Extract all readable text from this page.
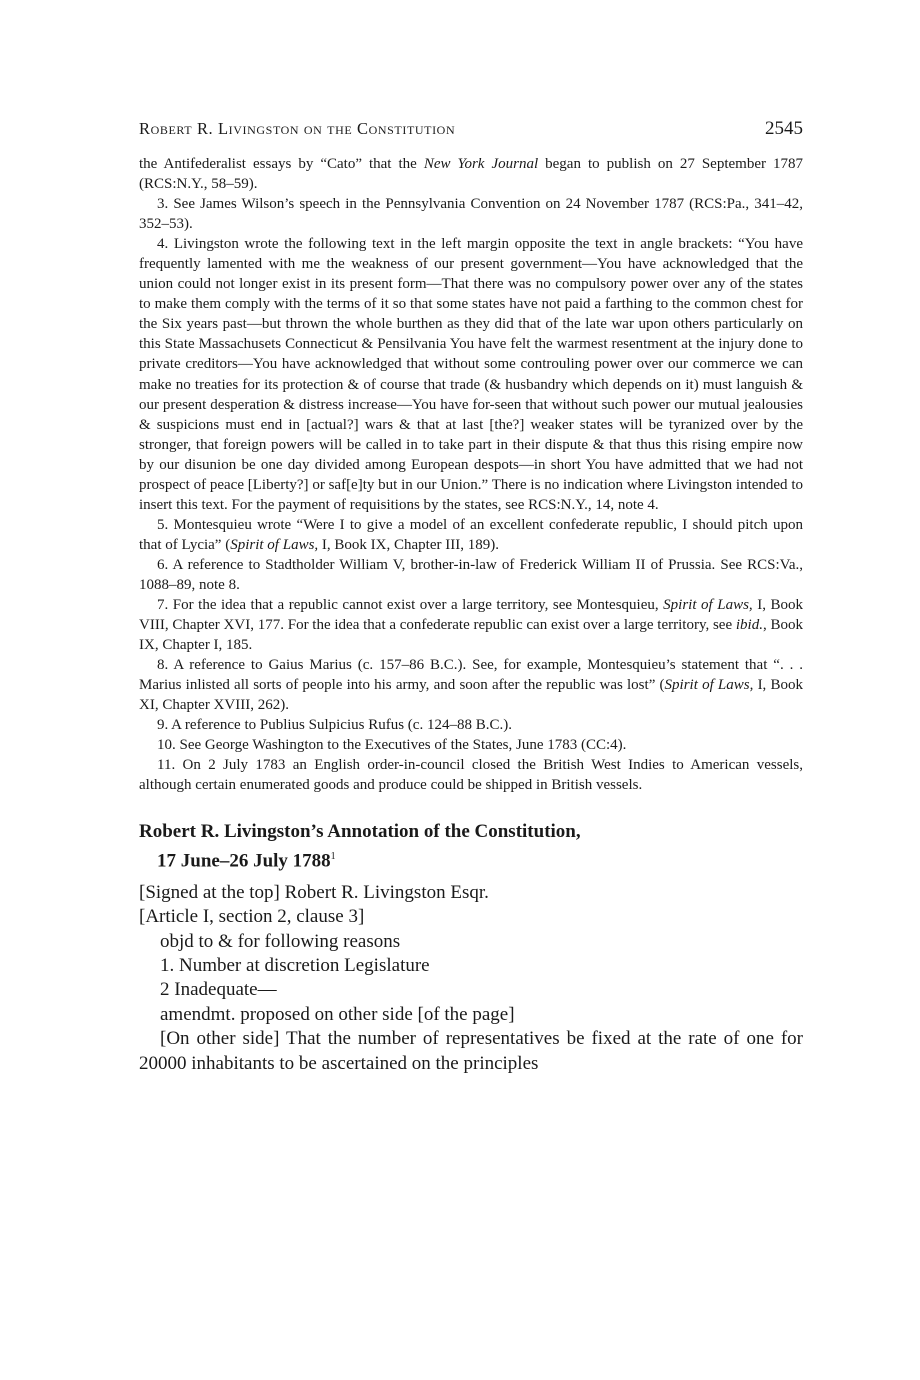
Robert R. Livingston on the Constitution	2545

the Antifederalist essays by “Cato” that the New York Journal began to publish on 27 September 1787 (RCS:N.Y., 58–59).

3. See James Wilson’s speech in the Pennsylvania Convention on 24 November 1787 (RCS:Pa., 341–42, 352–53).

4. Livingston wrote the following text in the left margin opposite the text in angle brackets: “You have frequently lamented with me the weakness of our present government—You have acknowledged that the union could not longer exist in its present form—That there was no compulsory power over any of the states to make them comply with the terms of it so that some states have not paid a farthing to the common chest for the Six years past—but thrown the whole burthen as they did that of the late war upon others particularly on this State Massachusets Connecticut & Pensilvania You have felt the warmest resentment at the injury done to private creditors—You have acknowledged that without some controuling power over our commerce we can make no treaties for its protection & of course that trade (& husbandry which depends on it) must languish & our present desperation & distress increase—You have for-seen that without such power our mutual jealousies & suspicions must end in [actual?] wars & that at last [the?] weaker states will be tyranized over by the stronger, that foreign powers will be called in to take part in their dispute & that thus this rising empire now by our disunion be one day divided among European despots—in short You have admitted that we had not prospect of peace [Liberty?] or saf[e]ty but in our Union.” There is no indication where Livingston intended to insert this text. For the payment of requisitions by the states, see RCS:N.Y., 14, note 4.

5. Montesquieu wrote “Were I to give a model of an excellent confederate republic, I should pitch upon that of Lycia” (Spirit of Laws, I, Book IX, Chapter III, 189).

6. A reference to Stadtholder William V, brother-in-law of Frederick William II of Prussia. See RCS:Va., 1088–89, note 8.

7. For the idea that a republic cannot exist over a large territory, see Montesquieu, Spirit of Laws, I, Book VIII, Chapter XVI, 177. For the idea that a confederate republic can exist over a large territory, see ibid., Book IX, Chapter I, 185.

8. A reference to Gaius Marius (c. 157–86 B.C.). See, for example, Montesquieu’s statement that “. . . Marius inlisted all sorts of people into his army, and soon after the republic was lost” (Spirit of Laws, I, Book XI, Chapter XVIII, 262).

9. A reference to Publius Sulpicius Rufus (c. 124–88 B.C.).

10. See George Washington to the Executives of the States, June 1783 (CC:4).

11. On 2 July 1783 an English order-in-council closed the British West Indies to American vessels, although certain enumerated goods and produce could be shipped in British vessels.

Robert R. Livingston’s Annotation of the Constitution,
17 June–26 July 1788$^1$

[Signed at the top] Robert R. Livingston Esqr.

[Article I, section 2, clause 3]

objd to & for following reasons

1. Number at discretion Legislature

2 Inadequate—

amendmt. proposed on other side [of the page]

[On other side] That the number of representatives be fixed at the rate of one for 20000 inhabitants to be ascertained on the principles
